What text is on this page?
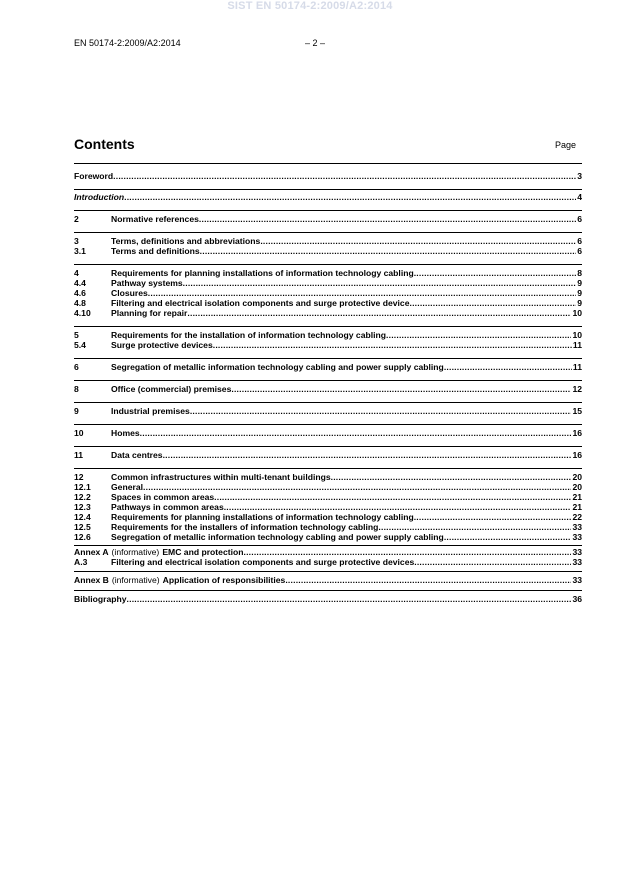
SIST EN 50174-2:2009/A2:2014
EN 50174-2:2009/A2:2014	– 2 –
Contents	Page
Foreword .....	3
Introduction .....	4
2	Normative references .....	6
3	Terms, definitions and abbreviations .....	6
3.1	Terms and definitions .....	6
4	Requirements for planning installations of information technology cabling .....	8
4.4	Pathway systems .....	9
4.6	Closures .....	9
4.8	Filtering and electrical isolation components and surge protective device .....	9
4.10	Planning for repair .....	10
5	Requirements for the installation of information technology cabling .....	10
5.4	Surge protective devices .....	11
6	Segregation of metallic information technology cabling and power supply cabling .....	11
8	Office (commercial) premises .....	12
9	Industrial premises .....	15
10	Homes .....	16
11	Data centres .....	16
12	Common infrastructures within multi-tenant buildings .....	20
12.1	General .....	20
12.2	Spaces in common areas .....	21
12.3	Pathways in common areas .....	21
12.4	Requirements for planning installations of information technology cabling .....	22
12.5	Requirements for the installers of information technology cabling .....	33
12.6	Segregation of metallic information technology cabling and power supply cabling .....	33
Annex A (informative) EMC and protection .....	33
A.3	Filtering and electrical isolation components and surge protective devices .....	33
Annex B (informative) Application of responsibilities .....	33
Bibliography .....	36
